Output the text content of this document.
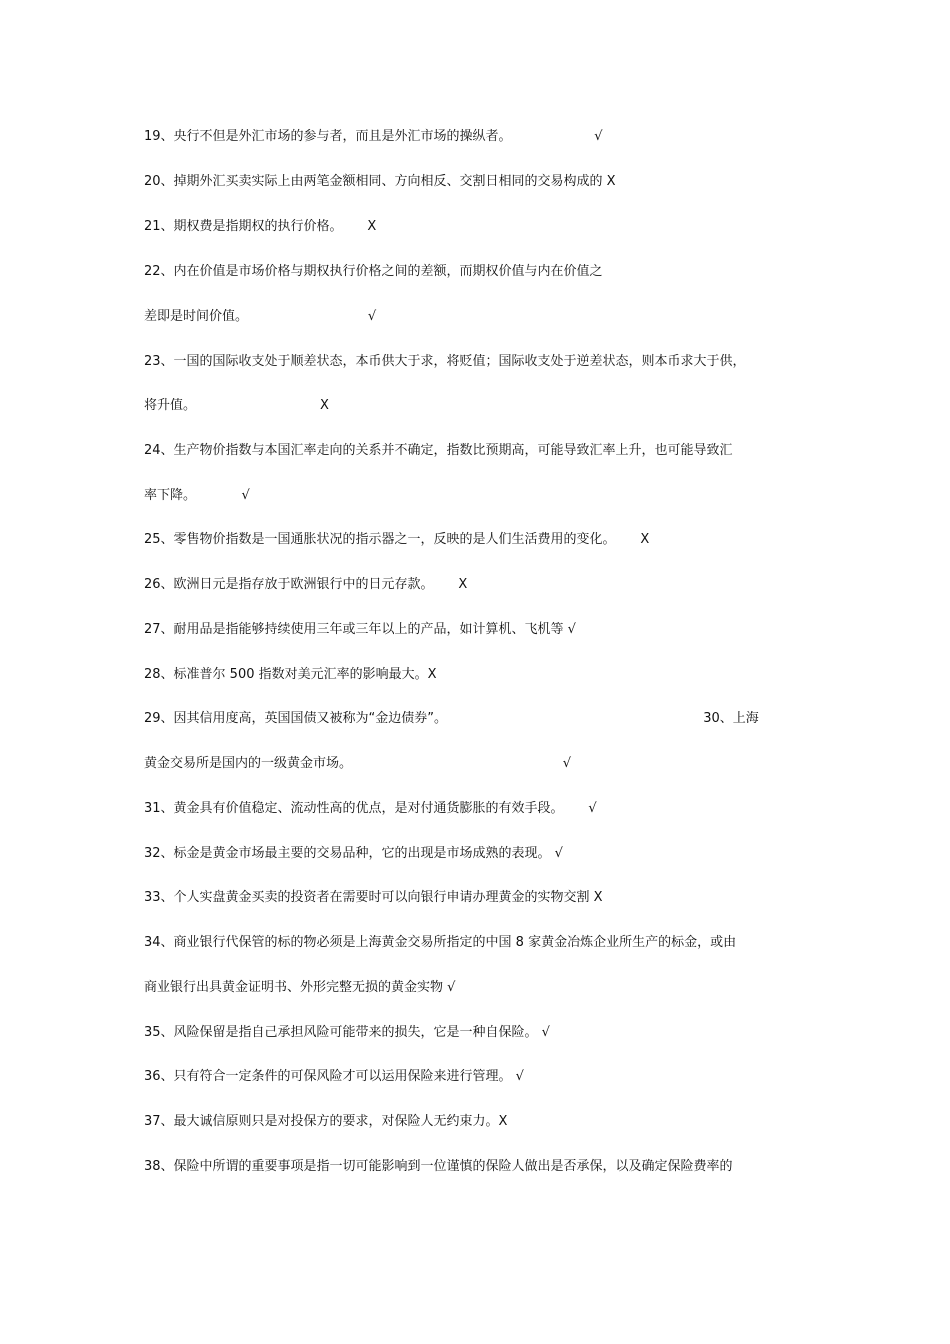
19、央行不但是外汇市场的参与者，而且是外汇市场的操纵者。                    √
20、掉期外汇买卖实际上由两笔金额相同、方向相反、交割日相同的交易构成的 X
21、期权费是指期权的执行价格。      X
22、内在价值是市场价格与期权执行价格之间的差额，而期权价值与内在价值之
差即是时间价值。                             √
23、一国的国际收支处于顺差状态，本币供大于求，将贬值；国际收支处于逆差状态，则本币求大于供，
将升值。                              X
24、生产物价指数与本国汇率走向的关系并不确定，指数比预期高，可能导致汇率上升，也可能导致汇
率下降。           √
25、零售物价指数是一国通胀状况的指示器之一，反映的是人们生活费用的变化。      X
26、欧洲日元是指存放于欧洲银行中的日元存款。      X
27、耐用品是指能够持续使用三年或三年以上的产品，如计算机、飞机等 √
28、标准普尔 500 指数对美元汇率的影响最大。X
29、因其信用度高，英国国债又被称为“金边债券”。                                                              30、上海
黄金交易所是国内的一级黄金市场。                                                   √
31、黄金具有价值稳定、流动性高的优点，是对付通货膨胀的有效手段。      √
32、标金是黄金市场最主要的交易品种，它的出现是市场成熟的表现。 √
33、个人实盘黄金买卖的投资者在需要时可以向银行申请办理黄金的实物交割 X
34、商业银行代保管的标的物必须是上海黄金交易所指定的中国 8 家黄金冶炼企业所生产的标金，或由
商业银行出具黄金证明书、外形完整无损的黄金实物 √
35、风险保留是指自己承担风险可能带来的损失，它是一种自保险。 √
36、只有符合一定条件的可保风险才可以运用保险来进行管理。 √
37、最大诚信原则只是对投保方的要求，对保险人无约束力。X
38、保险中所谓的重要事项是指一切可能影响到一位谨慎的保险人做出是否承保，以及确定保险费率的
